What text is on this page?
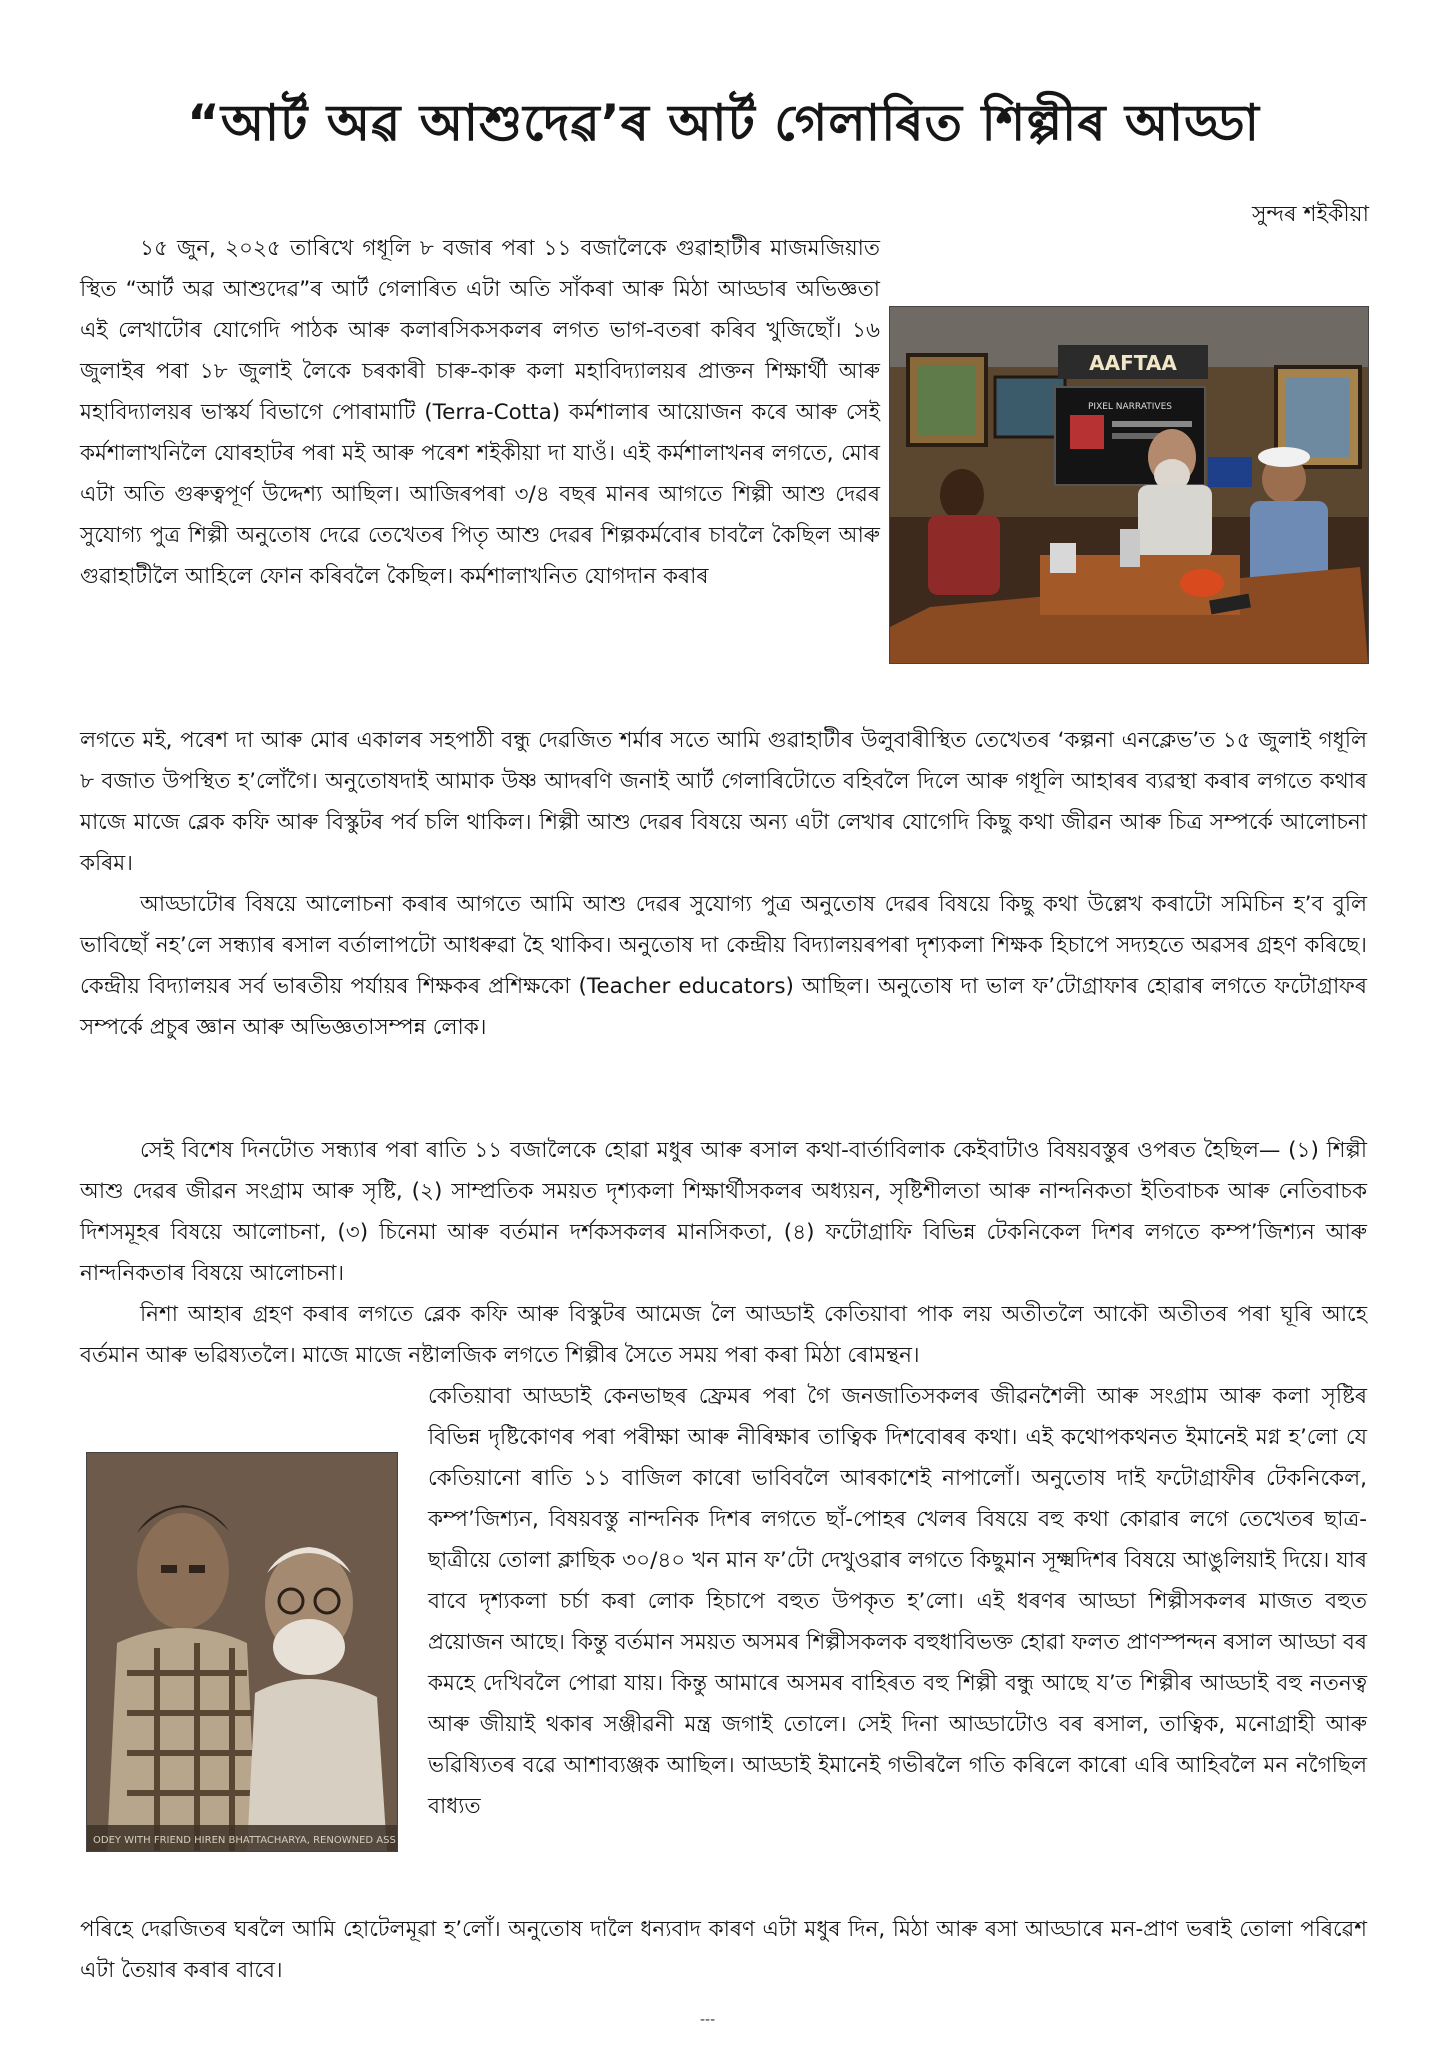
“আৰ্ট অৱ আশুদেৱ’ৰ আৰ্ট গেলাৰিত শিল্পীৰ আড্ডা
সুন্দৰ শইকীয়া

১৫ জুন, ২০২৫ তাৰিখে গধূলি ৮ বজাৰ পৰা ১১ বজালৈকে গুৱাহাটীৰ মাজমজিয়াত স্থিত “আৰ্ট অৱ আশুদেৱ”ৰ আৰ্ট গেলাৰিত এটা অতি সাঁকৰা আৰু মিঠা আড্ডাৰ অভিজ্ঞতা এই লেখাটোৰ যোগেদি পাঠক আৰু কলাৰসিকসকলৰ লগত ভাগ-বতৰা কৰিব খুজিছোঁ। ১৬ জুলাইৰ পৰা ১৮ জুলাই লৈকে চৰকাৰী চাৰু-কাৰু কলা মহাবিদ্যালয়ৰ প্ৰাক্তন শিক্ষাৰ্থী আৰু মহাবিদ্যালয়ৰ ভাস্কৰ্য বিভাগে পোৰামাটি (Terra-Cotta) কৰ্মশালাৰ আয়োজন কৰে আৰু সেই কৰ্মশালাখনিলৈ যোৰহাটৰ পৰা মই আৰু পৰেশ শইকীয়া দা যাওঁ। এই কৰ্মশালাখনৰ লগতে, মোৰ এটা অতি গুৰুত্বপূৰ্ণ উদ্দেশ্য আছিল। আজিৰপৰা ৩/৪ বছৰ মানৰ আগতে শিল্পী আশু দেৱৰ সুযোগ্য পুত্ৰ শিল্পী অনুতোষ দেৱে তেখেতৰ পিতৃ আশু দেৱৰ শিল্পকৰ্মবোৰ চাবলৈ কৈছিল আৰু গুৱাহাটীলৈ আহিলে ফোন কৰিবলৈ কৈছিল। কৰ্মশালাখনিত যোগদান কৰাৰ

লগতে মই, পৰেশ দা আৰু মোৰ একালৰ সহপাঠী বন্ধু দেৱজিত শৰ্মাৰ সতে আমি গুৱাহাটীৰ উলুবাৰীস্থিত তেখেতৰ ‘কল্পনা এনক্লেভ’ত ১৫ জুলাই গধূলি ৮ বজাত উপস্থিত হ’লোঁগৈ। অনুতোষদাই আমাক উষ্ণ আদৰণি জনাই আৰ্ট গেলাৰিটোতে বহিবলৈ দিলে আৰু গধূলি আহাৰৰ ব্যৱস্থা কৰাৰ লগতে কথাৰ মাজে মাজে ব্লেক কফি আৰু বিস্কুটৰ পৰ্ব চলি থাকিল। শিল্পী আশু দেৱৰ বিষয়ে অন্য এটা লেখাৰ যোগেদি কিছু কথা জীৱন আৰু চিত্ৰ সম্পৰ্কে আলোচনা কৰিম।

আড্ডাটোৰ বিষয়ে আলোচনা কৰাৰ আগতে আমি আশু দেৱৰ সুযোগ্য পুত্ৰ অনুতোষ দেৱৰ বিষয়ে কিছু কথা উল্লেখ কৰাটো সমিচিন হ’ব বুলি ভাবিছোঁ নহ’লে সন্ধ্যাৰ ৰসাল বৰ্তালাপটো আধৰুৱা হৈ থাকিব। অনুতোষ দা কেন্দ্ৰীয় বিদ্যালয়ৰপৰা দৃশ্যকলা শিক্ষক হিচাপে সদ্যহতে অৱসৰ গ্ৰহণ কৰিছে। কেন্দ্ৰীয় বিদ্যালয়ৰ সৰ্ব ভাৰতীয় পৰ্যায়ৰ শিক্ষকৰ প্ৰশিক্ষকো (Teacher educators) আছিল। অনুতোষ দা ভাল ফ’টোগ্ৰাফাৰ হোৱাৰ লগতে ফটোগ্ৰাফৰ সম্পৰ্কে প্ৰচুৰ জ্ঞান আৰু অভিজ্ঞতাসম্পন্ন লোক।

সেই বিশেষ দিনটোত সন্ধ্যাৰ পৰা ৰাতি ১১ বজালৈকে হোৱা মধুৰ আৰু ৰসাল কথা-বাৰ্তাবিলাক কেইবাটাও বিষয়বস্তুৰ ওপৰত হৈছিল— (১) শিল্পী আশু দেৱৰ জীৱন সংগ্ৰাম আৰু সৃষ্টি, (২) সাম্প্ৰতিক সময়ত দৃশ্যকলা শিক্ষাৰ্থীসকলৰ অধ্যয়ন, সৃষ্টিশীলতা আৰু নান্দনিকতা ইতিবাচক আৰু নেতিবাচক দিশসমূহৰ বিষয়ে আলোচনা, (৩) চিনেমা আৰু বৰ্তমান দৰ্শকসকলৰ মানসিকতা, (৪) ফটোগ্ৰাফি বিভিন্ন টেকনিকেল দিশৰ লগতে কম্প’জিশ্যন আৰু নান্দনিকতাৰ বিষয়ে আলোচনা।

নিশা আহাৰ গ্ৰহণ কৰাৰ লগতে ব্লেক কফি আৰু বিস্কুটৰ আমেজ লৈ আড্ডাই কেতিয়াবা পাক লয় অতীতলৈ আকৌ অতীতৰ পৰা ঘূৰি আহে বৰ্তমান আৰু ভৱিষ্যতলৈ। মাজে মাজে নষ্টালজিক লগতে শিল্পীৰ সৈতে সময় পৰা কৰা মিঠা ৰোমন্থন।

কেতিয়াবা আড্ডাই কেনভাছৰ ফ্ৰেমৰ পৰা গৈ জনজাতিসকলৰ জীৱনশৈলী আৰু সংগ্ৰাম আৰু কলা সৃষ্টিৰ বিভিন্ন দৃষ্টিকোণৰ পৰা পৰীক্ষা আৰু নীৰিক্ষাৰ তাত্বিক দিশবোৰৰ কথা। এই কথোপকথনত ইমানেই মগ্ন হ’লো যে কেতিয়ানো ৰাতি ১১ বাজিল কাৰো ভাবিবলৈ আৰকাশেই নাপালোঁ। অনুতোষ দাই ফটোগ্ৰাফীৰ টেকনিকেল, কম্প’জিশ্যন, বিষয়বস্তু নান্দনিক দিশৰ লগতে ছাঁ-পোহৰ খেলৰ বিষয়ে বহু কথা কোৱাৰ লগে তেখেতৰ ছাত্ৰ-ছাত্ৰীয়ে তোলা ক্লাছিক ৩০/৪০ খন মান ফ’টো দেখুওৱাৰ লগতে কিছুমান সূক্ষ্মদিশৰ বিষয়ে আঙুলিয়াই দিয়ে। যাৰ বাবে দৃশ্যকলা চৰ্চা কৰা লোক হিচাপে বহুত উপকৃত হ’লো। এই ধৰণৰ আড্ডা শিল্পীসকলৰ মাজত বহুত প্ৰয়োজন আছে। কিন্তু বৰ্তমান সময়ত অসমৰ শিল্পীসকলক বহুধাবিভক্ত হোৱা ফলত প্ৰাণস্পন্দন ৰসাল আড্ডা বৰ কমহে দেখিবলৈ পোৱা যায়। কিন্তু আমাৰে অসমৰ বাহিৰত বহু শিল্পী বন্ধু আছে য’ত শিল্পীৰ আড্ডাই বহু নতনত্ব আৰু জীয়াই থকাৰ সঞ্জীৱনী মন্ত্ৰ জগাই তোলে। সেই দিনা আড্ডাটোও বৰ ৰসাল, তাত্বিক, মনোগ্ৰাহী আৰু ভৱিষ্যিতৰ বৱে আশাব্যঞ্জক আছিল। আড্ডাই ইমানেই গভীৰলৈ গতি কৰিলে কাৰো এৰি আহিবলৈ মন নগৈছিল বাধ্যত

পৰিহে দেৱজিতৰ ঘৰলৈ আমি হোটেলমূৱা হ’লোঁ। অনুতোষ দালৈ ধন্যবাদ কাৰণ এটা মধুৰ দিন, মিঠা আৰু ৰসা আড্ডাৰে মন-প্ৰাণ ভৰাই তোলা পৰিৱেশ এটা তৈয়াৰ কৰাৰ বাবে।

AAFTAA
PIXEL NARRATIVES
ODEY WITH FRIEND HIREN BHATTACHARYA, RENOWNED ASS
---
